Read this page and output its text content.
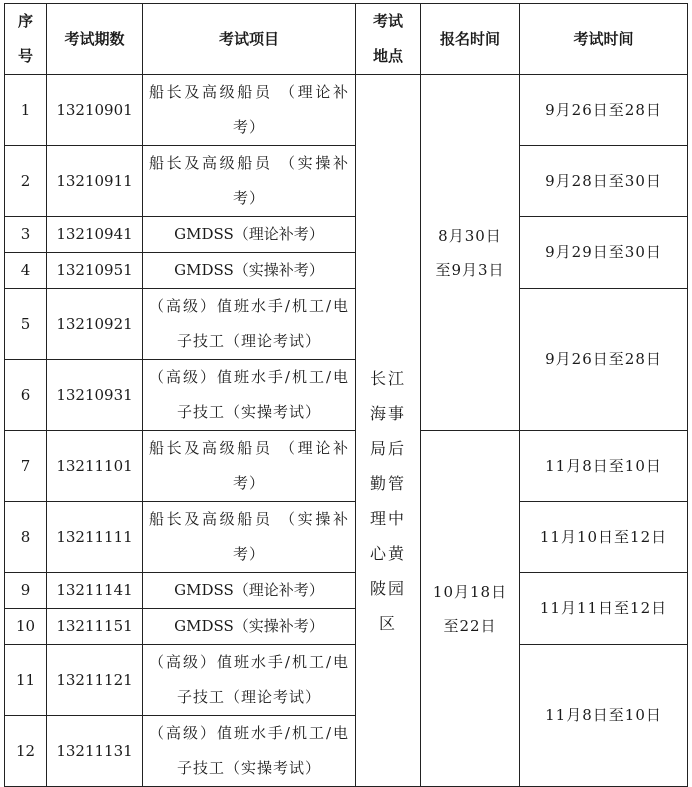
序号	考试期数	考试项目	考试地点	报名时间	考试时间
1	13210901	船长及高级船员 （理论补考）	长江海事局后勤管理中心黄陂园区	8月30日至9月3日	9月26日至28日
2	13210911	船长及高级船员 （实操补考）			9月28日至30日
3	13210941	GMDSS（理论补考）			9月29日至30日
4	13210951	GMDSS（实操补考）			
5	13210921	（高级）值班水手/机工/电子技工（理论考试）			9月26日至28日
6	13210931	（高级）值班水手/机工/电子技工（实操考试）			

7	13211101	船长及高级船员 （理论补考）		10月18日至22日	11月8日至10日
8	13211111	船长及高级船员 （实操补考）			11月10日至12日
9	13211141	GMDSS（理论补考）			11月11日至12日
10	13211151	GMDSS（实操补考）			
11	13211121	（高级）值班水手/机工/电子技工（理论考试）			11月8日至10日
12	13211131	（高级）值班水手/机工/电子技工（实操考试）			
